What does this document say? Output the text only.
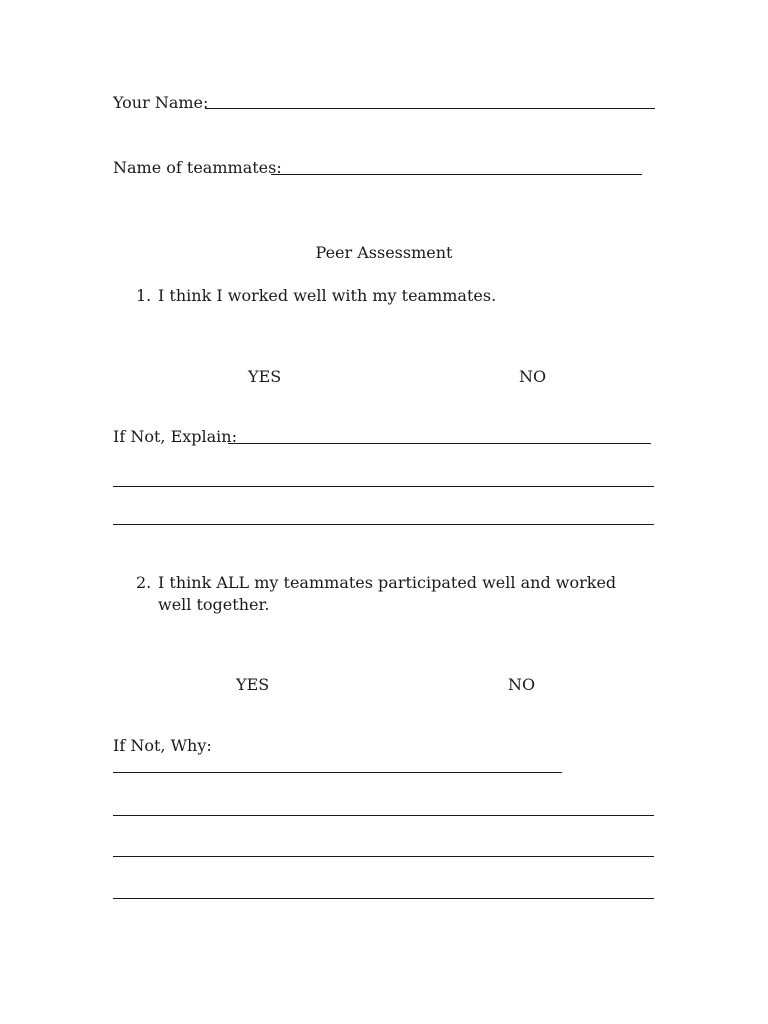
Your Name:
Name of teammates:
Peer Assessment
1. I think I worked well with my teammates.
YES	NO
If Not, Explain:
2. I think ALL my teammates participated well and worked well together.
YES	NO
If Not, Why:
